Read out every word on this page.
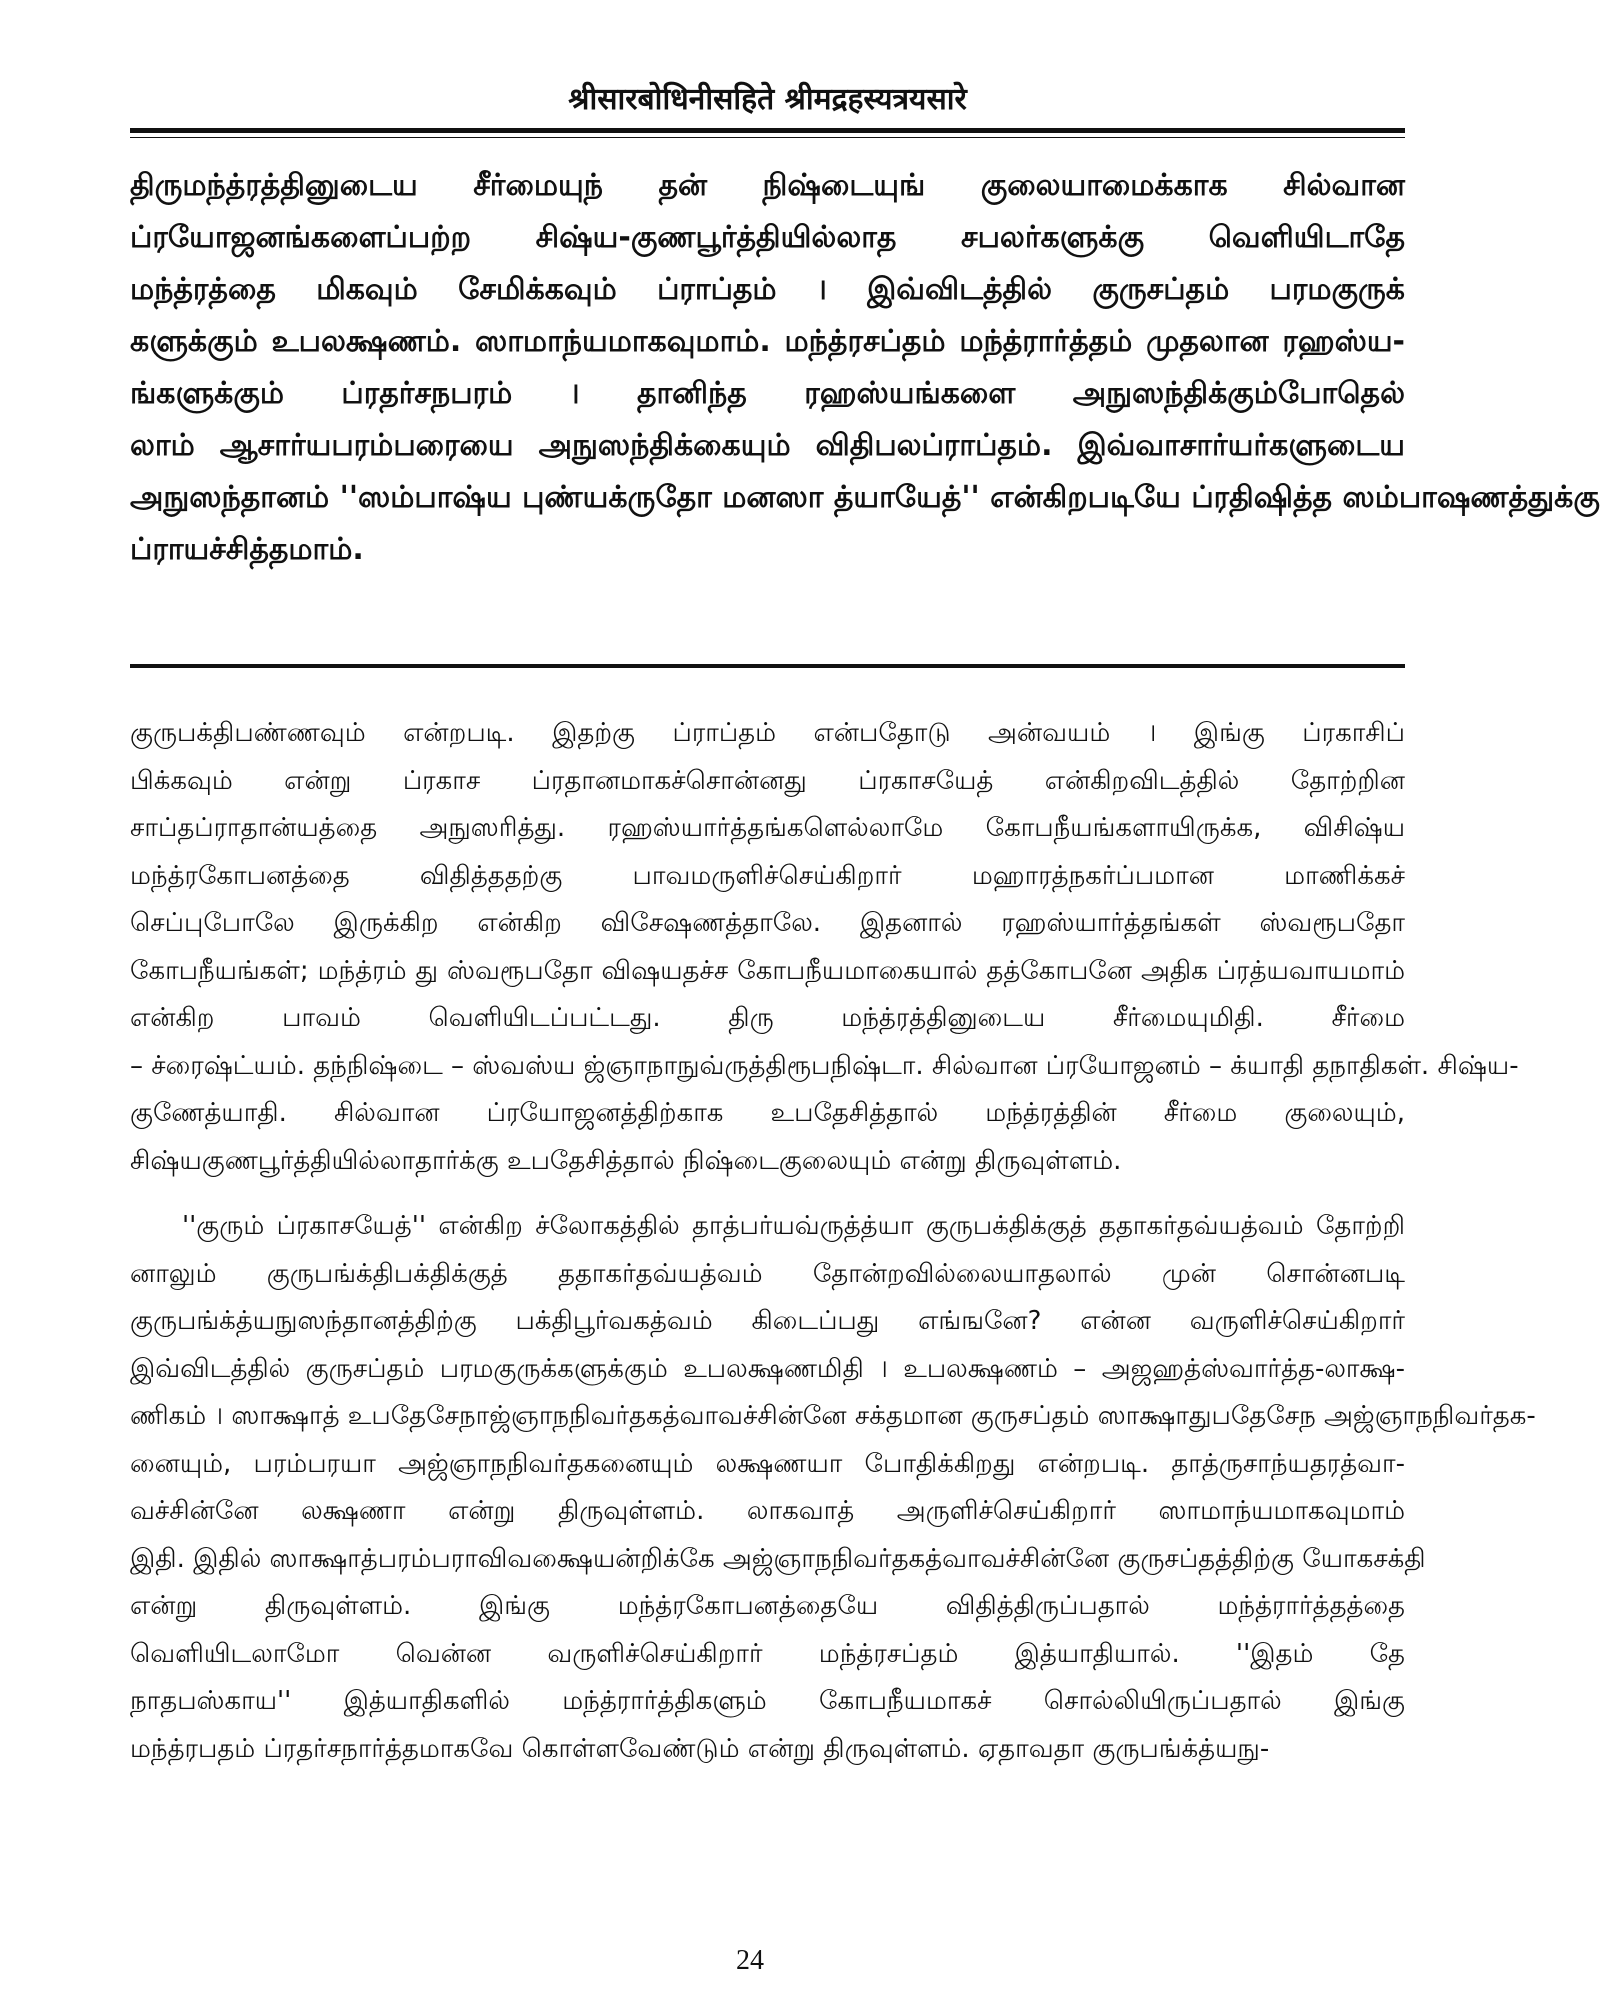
श्रीसारबोधिनीसहिते श्रीमद्रहस्यत्रयसारे
திருமந்த்ரத்தினுடைய சீர்மையுந் தன் நிஷ்டையுங் குலையாமைக்காக சில்வான
ப்ரயோஜனங்களைப்பற்ற சிஷ்ய-குணபூர்த்தியில்லாத சபலர்களுக்கு வெளியிடாதே
மந்த்ரத்தை மிகவும் சேமிக்கவும் ப்ராப்தம் । இவ்விடத்தில் குருசப்தம் பரமகுருக்
களுக்கும் உபலக்ஷணம். ஸாமாந்யமாகவுமாம். மந்த்ரசப்தம் மந்த்ரார்த்தம் முதலான ரஹஸ்ய-
ங்களுக்கும் ப்ரதர்சநபரம் । தானிந்த ரஹஸ்யங்களை அநுஸந்திக்கும்போதெல்
லாம் ஆசார்யபரம்பரையை அநுஸந்திக்கையும் விதிபலப்ராப்தம். இவ்வாசார்யர்களுடைய
அநுஸந்தானம் ''ஸம்பாஷ்ய புண்யக்ருதோ மனஸா த்யாயேத்'' என்கிறபடியே ப்ரதிஷித்த ஸம்பாஷணத்துக்கு
ப்ராயச்சித்தமாம்.
குருபக்திபண்ணவும் என்றபடி. இதற்கு ப்ராப்தம் என்பதோடு அன்வயம் । இங்கு ப்ரகாசிப்
பிக்கவும் என்று ப்ரகாச ப்ரதானமாகச்சொன்னது ப்ரகாசயேத் என்கிறவிடத்தில் தோற்றின
சாப்தப்ராதான்யத்தை அநுஸரித்து. ரஹஸ்யார்த்தங்களெல்லாமே கோபநீயங்களாயிருக்க, விசிஷ்ய
மந்த்ரகோபனத்தை விதித்ததற்கு பாவமருளிச்செய்கிறார் மஹாரத்நகர்ப்பமான மாணிக்கச்
செப்புபோலே இருக்கிற என்கிற விசேஷணத்தாலே. இதனால் ரஹஸ்யார்த்தங்கள் ஸ்வரூபதோ
கோபநீயங்கள்; மந்த்ரம் து ஸ்வரூபதோ விஷயதச்ச கோபநீயமாகையால் தத்கோபனே அதிக ப்ரத்யவாயமாம்
என்கிற பாவம் வெளியிடப்பட்டது. திரு மந்த்ரத்தினுடைய சீர்மையுமிதி. சீர்மை
– ச்ரைஷ்ட்யம். தந்நிஷ்டை – ஸ்வஸ்ய ஜ்ஞாநாநுவ்ருத்திரூபநிஷ்டா. சில்வான ப்ரயோஜனம் – க்யாதி தநாதிகள். சிஷ்ய-
குணேத்யாதி. சில்வான ப்ரயோஜனத்திற்காக உபதேசித்தால் மந்த்ரத்தின் சீர்மை குலையும்,
சிஷ்யகுணபூர்த்தியில்லாதார்க்கு உபதேசித்தால் நிஷ்டைகுலையும் என்று திருவுள்ளம்.
''குரும் ப்ரகாசயேத்'' என்கிற ச்லோகத்தில் தாத்பர்யவ்ருத்த்யா குருபக்திக்குத் ததாகர்தவ்யத்வம் தோற்றி
னாலும் குருபங்க்திபக்திக்குத் ததாகர்தவ்யத்வம் தோன்றவில்லையாதலால் முன் சொன்னபடி
குருபங்க்த்யநுஸந்தானத்திற்கு பக்திபூர்வகத்வம் கிடைப்பது எங்ஙனே? என்ன வருளிச்செய்கிறார்
இவ்விடத்தில் குருசப்தம் பரமகுருக்களுக்கும் உபலக்ஷணமிதி । உபலக்ஷணம் – அஜஹத்ஸ்வார்த்த-லாக்ஷ-
ணிகம் । ஸாக்ஷாத் உபதேசேநாஜ்ஞாநநிவர்தகத்வாவச்சின்னே சக்தமான குருசப்தம் ஸாக்ஷாதுபதேசேந அஜ்ஞாநநிவர்தக-
னையும், பரம்பரயா அஜ்ஞாநநிவர்தகனையும் லக்ஷணயா போதிக்கிறது என்றபடி. தாத்ருசாந்யதரத்வா-
வச்சின்னே லக்ஷணா என்று திருவுள்ளம். லாகவாத் அருளிச்செய்கிறார் ஸாமாந்யமாகவுமாம்
இதி. இதில் ஸாக்ஷாத்பரம்பராவிவக்ஷையன்றிக்கே அஜ்ஞாநநிவர்தகத்வாவச்சின்னே குருசப்தத்திற்கு யோகசக்தி
என்று திருவுள்ளம். இங்கு மந்த்ரகோபனத்தையே விதித்திருப்பதால் மந்த்ரார்த்தத்தை
வெளியிடலாமோ வென்ன வருளிச்செய்கிறார் மந்த்ரசப்தம் இத்யாதியால். ''இதம் தே
நாதபஸ்காய'' இத்யாதிகளில் மந்த்ரார்த்திகளும் கோபநீயமாகச் சொல்லியிருப்பதால் இங்கு
மந்த்ரபதம் ப்ரதர்சநார்த்தமாகவே கொள்ளவேண்டும் என்று திருவுள்ளம். ஏதாவதா குருபங்க்த்யநு-
24
